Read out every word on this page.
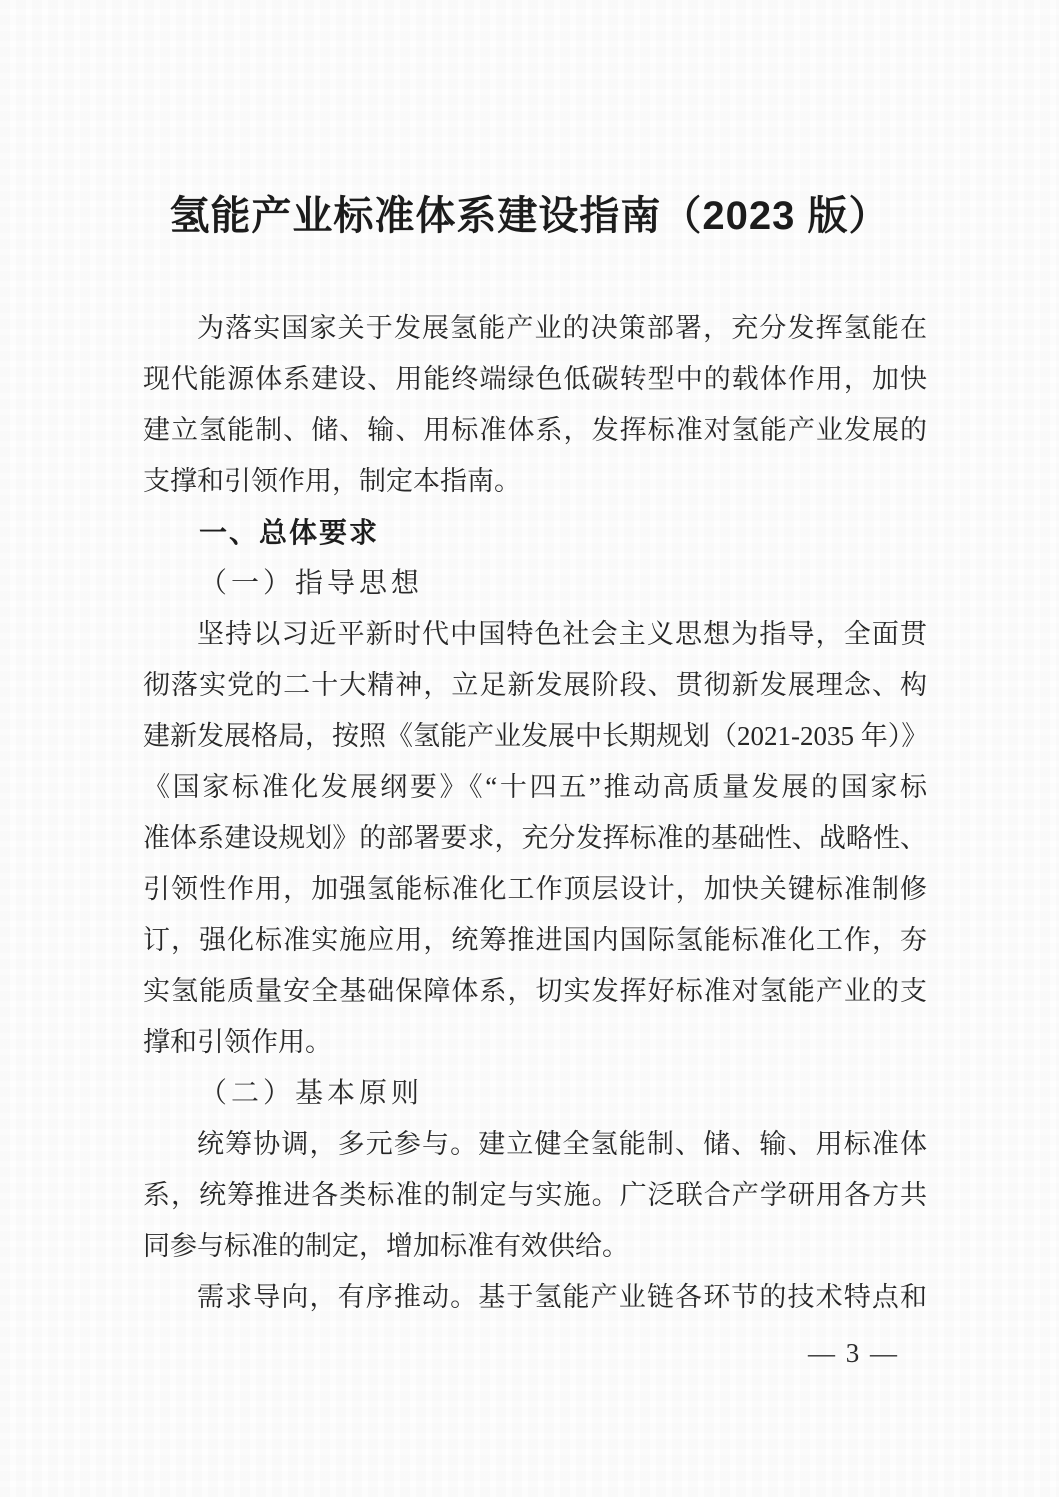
氢能产业标准体系建设指南（2023 版）
为落实国家关于发展氢能产业的决策部署，充分发挥氢能在
现代能源体系建设、用能终端绿色低碳转型中的载体作用，加快
建立氢能制、储、输、用标准体系，发挥标准对氢能产业发展的
支撑和引领作用，制定本指南。
一、总体要求
（一）指导思想
坚持以习近平新时代中国特色社会主义思想为指导，全面贯
彻落实党的二十大精神，立足新发展阶段、贯彻新发展理念、构
建新发展格局，按照《氢能产业发展中长期规划（2021-2035 年）》
《国家标准化发展纲要》《“十四五”推动高质量发展的国家标
准体系建设规划》的部署要求，充分发挥标准的基础性、战略性、
引领性作用，加强氢能标准化工作顶层设计，加快关键标准制修
订，强化标准实施应用，统筹推进国内国际氢能标准化工作，夯
实氢能质量安全基础保障体系，切实发挥好标准对氢能产业的支
撑和引领作用。
（二）基本原则
统筹协调，多元参与。建立健全氢能制、储、输、用标准体
系，统筹推进各类标准的制定与实施。广泛联合产学研用各方共
同参与标准的制定，增加标准有效供给。
需求导向，有序推动。基于氢能产业链各环节的技术特点和
— 3 —
